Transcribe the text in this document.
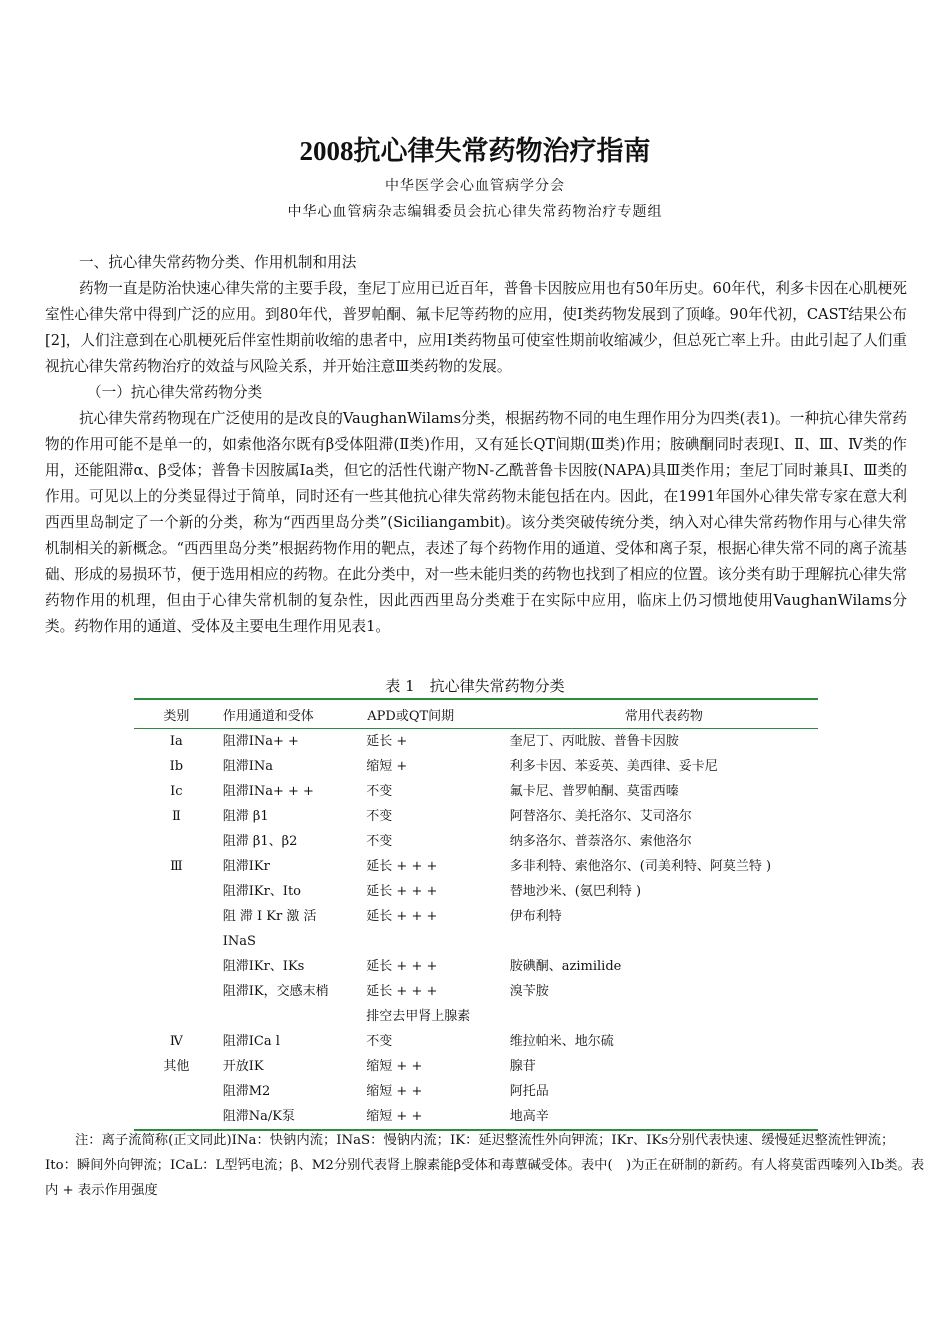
2008抗心律失常药物治疗指南
中华医学会心血管病学分会
中华心血管病杂志编辑委员会抗心律失常药物治疗专题组

一、抗心律失常药物分类、作用机制和用法

药物一直是防治快速心律失常的主要手段，奎尼丁应用已近百年，普鲁卡因胺应用也有50年历史。60年代，利多卡因在心肌梗死室性心律失常中得到广泛的应用。到80年代，普罗帕酮、氟卡尼等药物的应用，使Ⅰ类药物发展到了顶峰。90年代初，CAST结果公布[2]，人们注意到在心肌梗死后伴室性期前收缩的患者中，应用Ⅰ类药物虽可使室性期前收缩减少，但总死亡率上升。由此引起了人们重视抗心律失常药物治疗的效益与风险关系，并开始注意Ⅲ类药物的发展。

（一）抗心律失常药物分类

抗心律失常药物现在广泛使用的是改良的VaughanWilams分类，根据药物不同的电生理作用分为四类(表1)。一种抗心律失常药物的作用可能不是单一的，如索他洛尔既有β受体阻滞(Ⅱ类)作用，又有延长QT间期(Ⅲ类)作用；胺碘酮同时表现Ⅰ、Ⅱ、Ⅲ、Ⅳ类的作用，还能阻滞α、β受体；普鲁卡因胺属Ⅰa类，但它的活性代谢产物N-乙酰普鲁卡因胺(NAPA)具Ⅲ类作用；奎尼丁同时兼具Ⅰ、Ⅲ类的作用。可见以上的分类显得过于简单，同时还有一些其他抗心律失常药物未能包括在内。因此，在1991年国外心律失常专家在意大利西西里岛制定了一个新的分类，称为“西西里岛分类”(Siciliangambit)。该分类突破传统分类，纳入对心律失常药物作用与心律失常机制相关的新概念。“西西里岛分类”根据药物作用的靶点，表述了每个药物作用的通道、受体和离子泵，根据心律失常不同的离子流基础、形成的易损环节，便于选用相应的药物。在此分类中，对一些未能归类的药物也找到了相应的位置。该分类有助于理解抗心律失常药物作用的机理，但由于心律失常机制的复杂性，因此西西里岛分类难于在实际中应用，临床上仍习惯地使用VaughanWilams分类。药物作用的通道、受体及主要电生理作用见表1。

表 1　抗心律失常药物分类
类别	作用通道和受体	APD或QT间期	常用代表药物
Ⅰa	阻滞ⅠNa+ +	延长 +	奎尼丁、丙吡胺、普鲁卡因胺
Ⅰb	阻滞ⅠNa	缩短 +	利多卡因、苯妥英、美西律、妥卡尼
Ⅰc	阻滞ⅠNa+ + +	不变	氟卡尼、普罗帕酮、莫雷西嗪
Ⅱ	阻滞 β1	不变	阿替洛尔、美托洛尔、艾司洛尔
	阻滞 β1、β2	不变	纳多洛尔、普萘洛尔、索他洛尔
Ⅲ	阻滞ⅠKr	延长 + + +	多非利特、索他洛尔、(司美利特、阿莫兰特 )
	阻滞ⅠKr、Ⅰto	延长 + + +	替地沙米、(氨巴利特 )
	阻 滞 Ⅰ Kr 激 活	延长 + + +	伊布利特
	ⅠNaS		
	阻滞ⅠKr、ⅠKs	延长 + + +	胺碘酮、azimilide
	阻滞ⅠK，交感末梢	延长 + + +	溴苄胺
		排空去甲肾上腺素	
Ⅳ	阻滞ⅠCa l	不变	维拉帕米、地尔硫
其他	开放ⅠK	缩短 + +	腺苷
	阻滞M2	缩短 + +	阿托品
	阻滞Na/K泵	缩短 + +	地高辛

注：离子流简称(正文同此)INa：快钠内流；ⅠNaS：慢钠内流；ⅠK：延迟整流性外向钾流；ⅠKr、ⅠKs分别代表快速、缓慢延迟整流性钾流；Ⅰto：瞬间外向钾流；ⅠCaL：L型钙电流；β、M2分别代表肾上腺素能β受体和毒蕈碱受体。表中(　)为正在研制的新药。有人将莫雷西嗪列入Ⅰb类。表内 + 表示作用强度
